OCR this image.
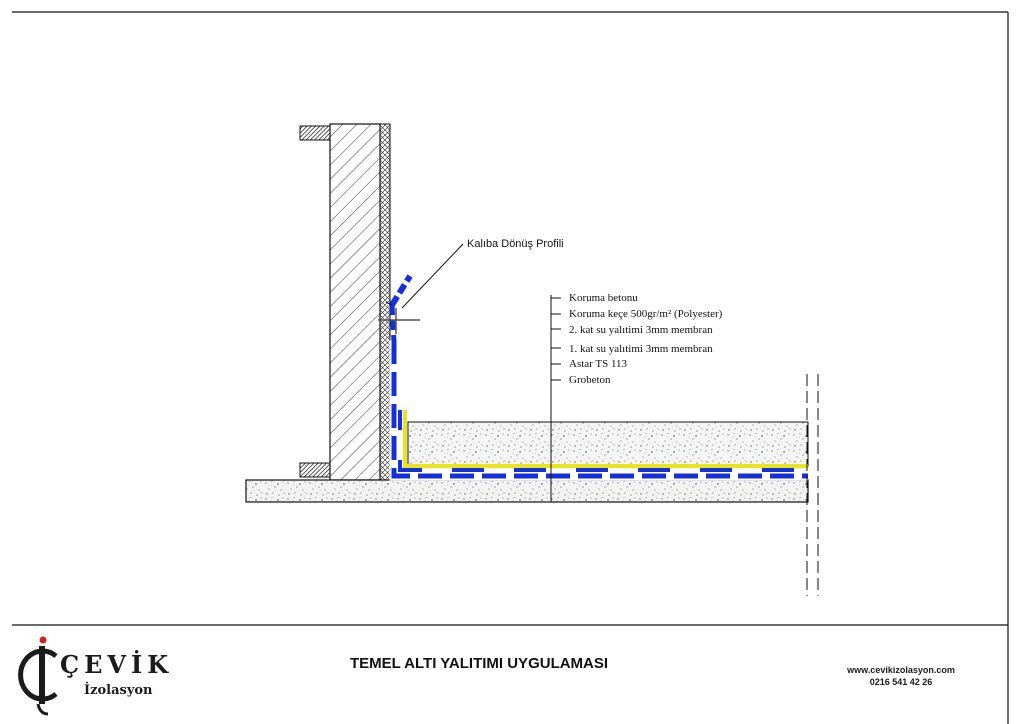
Kalıba Dönüş Profili
Koruma betonu
Koruma keçe 500gr/m² (Polyester)
2. kat su yalıtimi 3mm membran
1. kat su yalıtimi 3mm membran
Astar TS 113
Grobeton
ÇEVİK
İzolasyon
TEMEL ALTI YALITIMI UYGULAMASI	www.cevikizolasyon.com
0216 541 42 26
